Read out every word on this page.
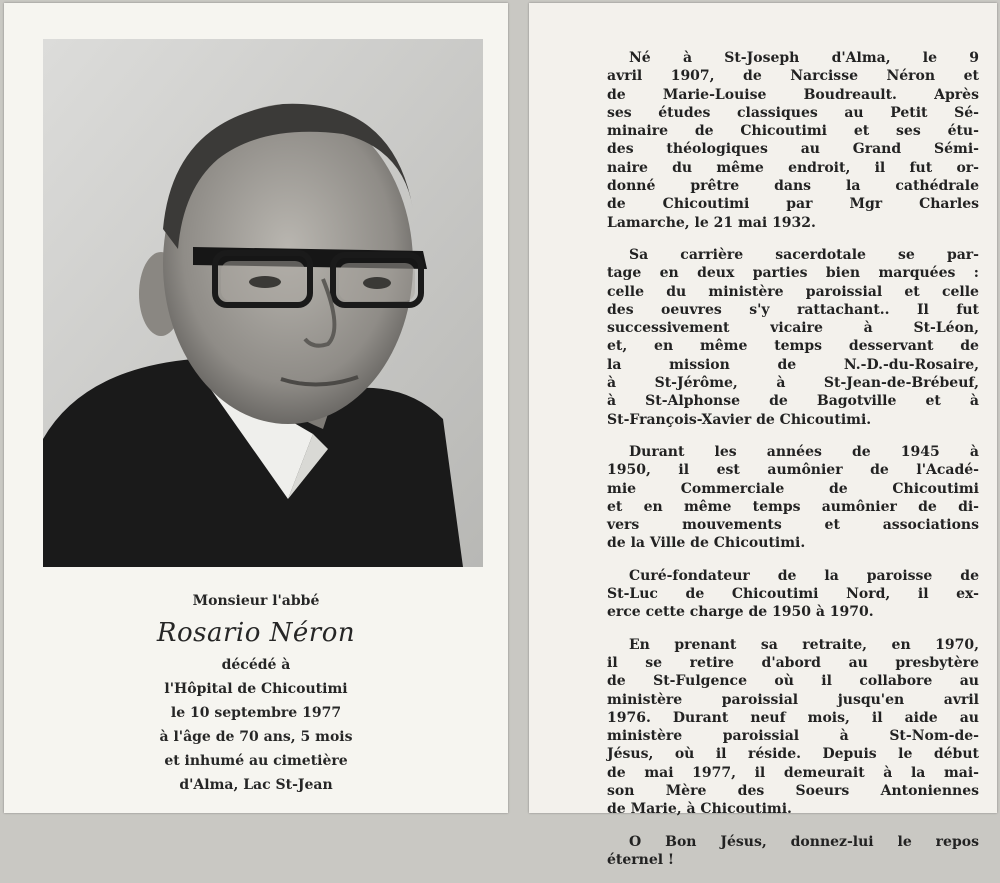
Monsieur l'abbé
Rosario Néron
décédé à
l'Hôpital de Chicoutimi
le 10 septembre 1977
à l'âge de 70 ans, 5 mois
et inhumé au cimetière
d'Alma, Lac St-Jean
Né à St-Joseph d'Alma, le 9
avril 1907, de Narcisse Néron et
de	Marie-Louise	Boudreault.	Après
ses études classiques au Petit Sé-
minaire de Chicoutimi et ses étu-
des théologiques au Grand Sémi-
naire du même endroit, il fut or-
donné prêtre dans la cathédrale
de	Chicoutimi	par	Mgr	Charles
Lamarche, le 21 mai 1932.
Sa carrière sacerdotale se par-
tage en deux parties bien marquées :
celle du ministère paroissial et celle
des oeuvres s'y rattachant.. Il fut
successivement	vicaire	à	St-Léon,
et, en même temps desservant de
la	mission	de	N.-D.-du-Rosaire,
à	St-Jérôme,	à	St-Jean-de-Brébeuf,
à St-Alphonse de Bagotville et à
St-François-Xavier de Chicoutimi.
Durant les années de 1945 à
1950, il est aumônier de l'Acadé-
mie	Commerciale	de	Chicoutimi
et en même temps aumônier de di-
vers	mouvements	et	associations
de la Ville de Chicoutimi.
Curé-fondateur de la paroisse de
St-Luc de Chicoutimi Nord, il ex-
erce cette charge de 1950 à 1970.
En prenant sa retraite, en 1970,
il se retire d'abord au presbytère
de St-Fulgence où il collabore au
ministère	paroissial	jusqu'en	avril
1976. Durant neuf mois, il aide au
ministère	paroissial	à	St-Nom-de-
Jésus, où il réside. Depuis le début
de mai 1977, il demeurait à la mai-
son Mère des Soeurs Antoniennes
de Marie, à Chicoutimi.
O Bon Jésus, donnez-lui le repos
éternel !
